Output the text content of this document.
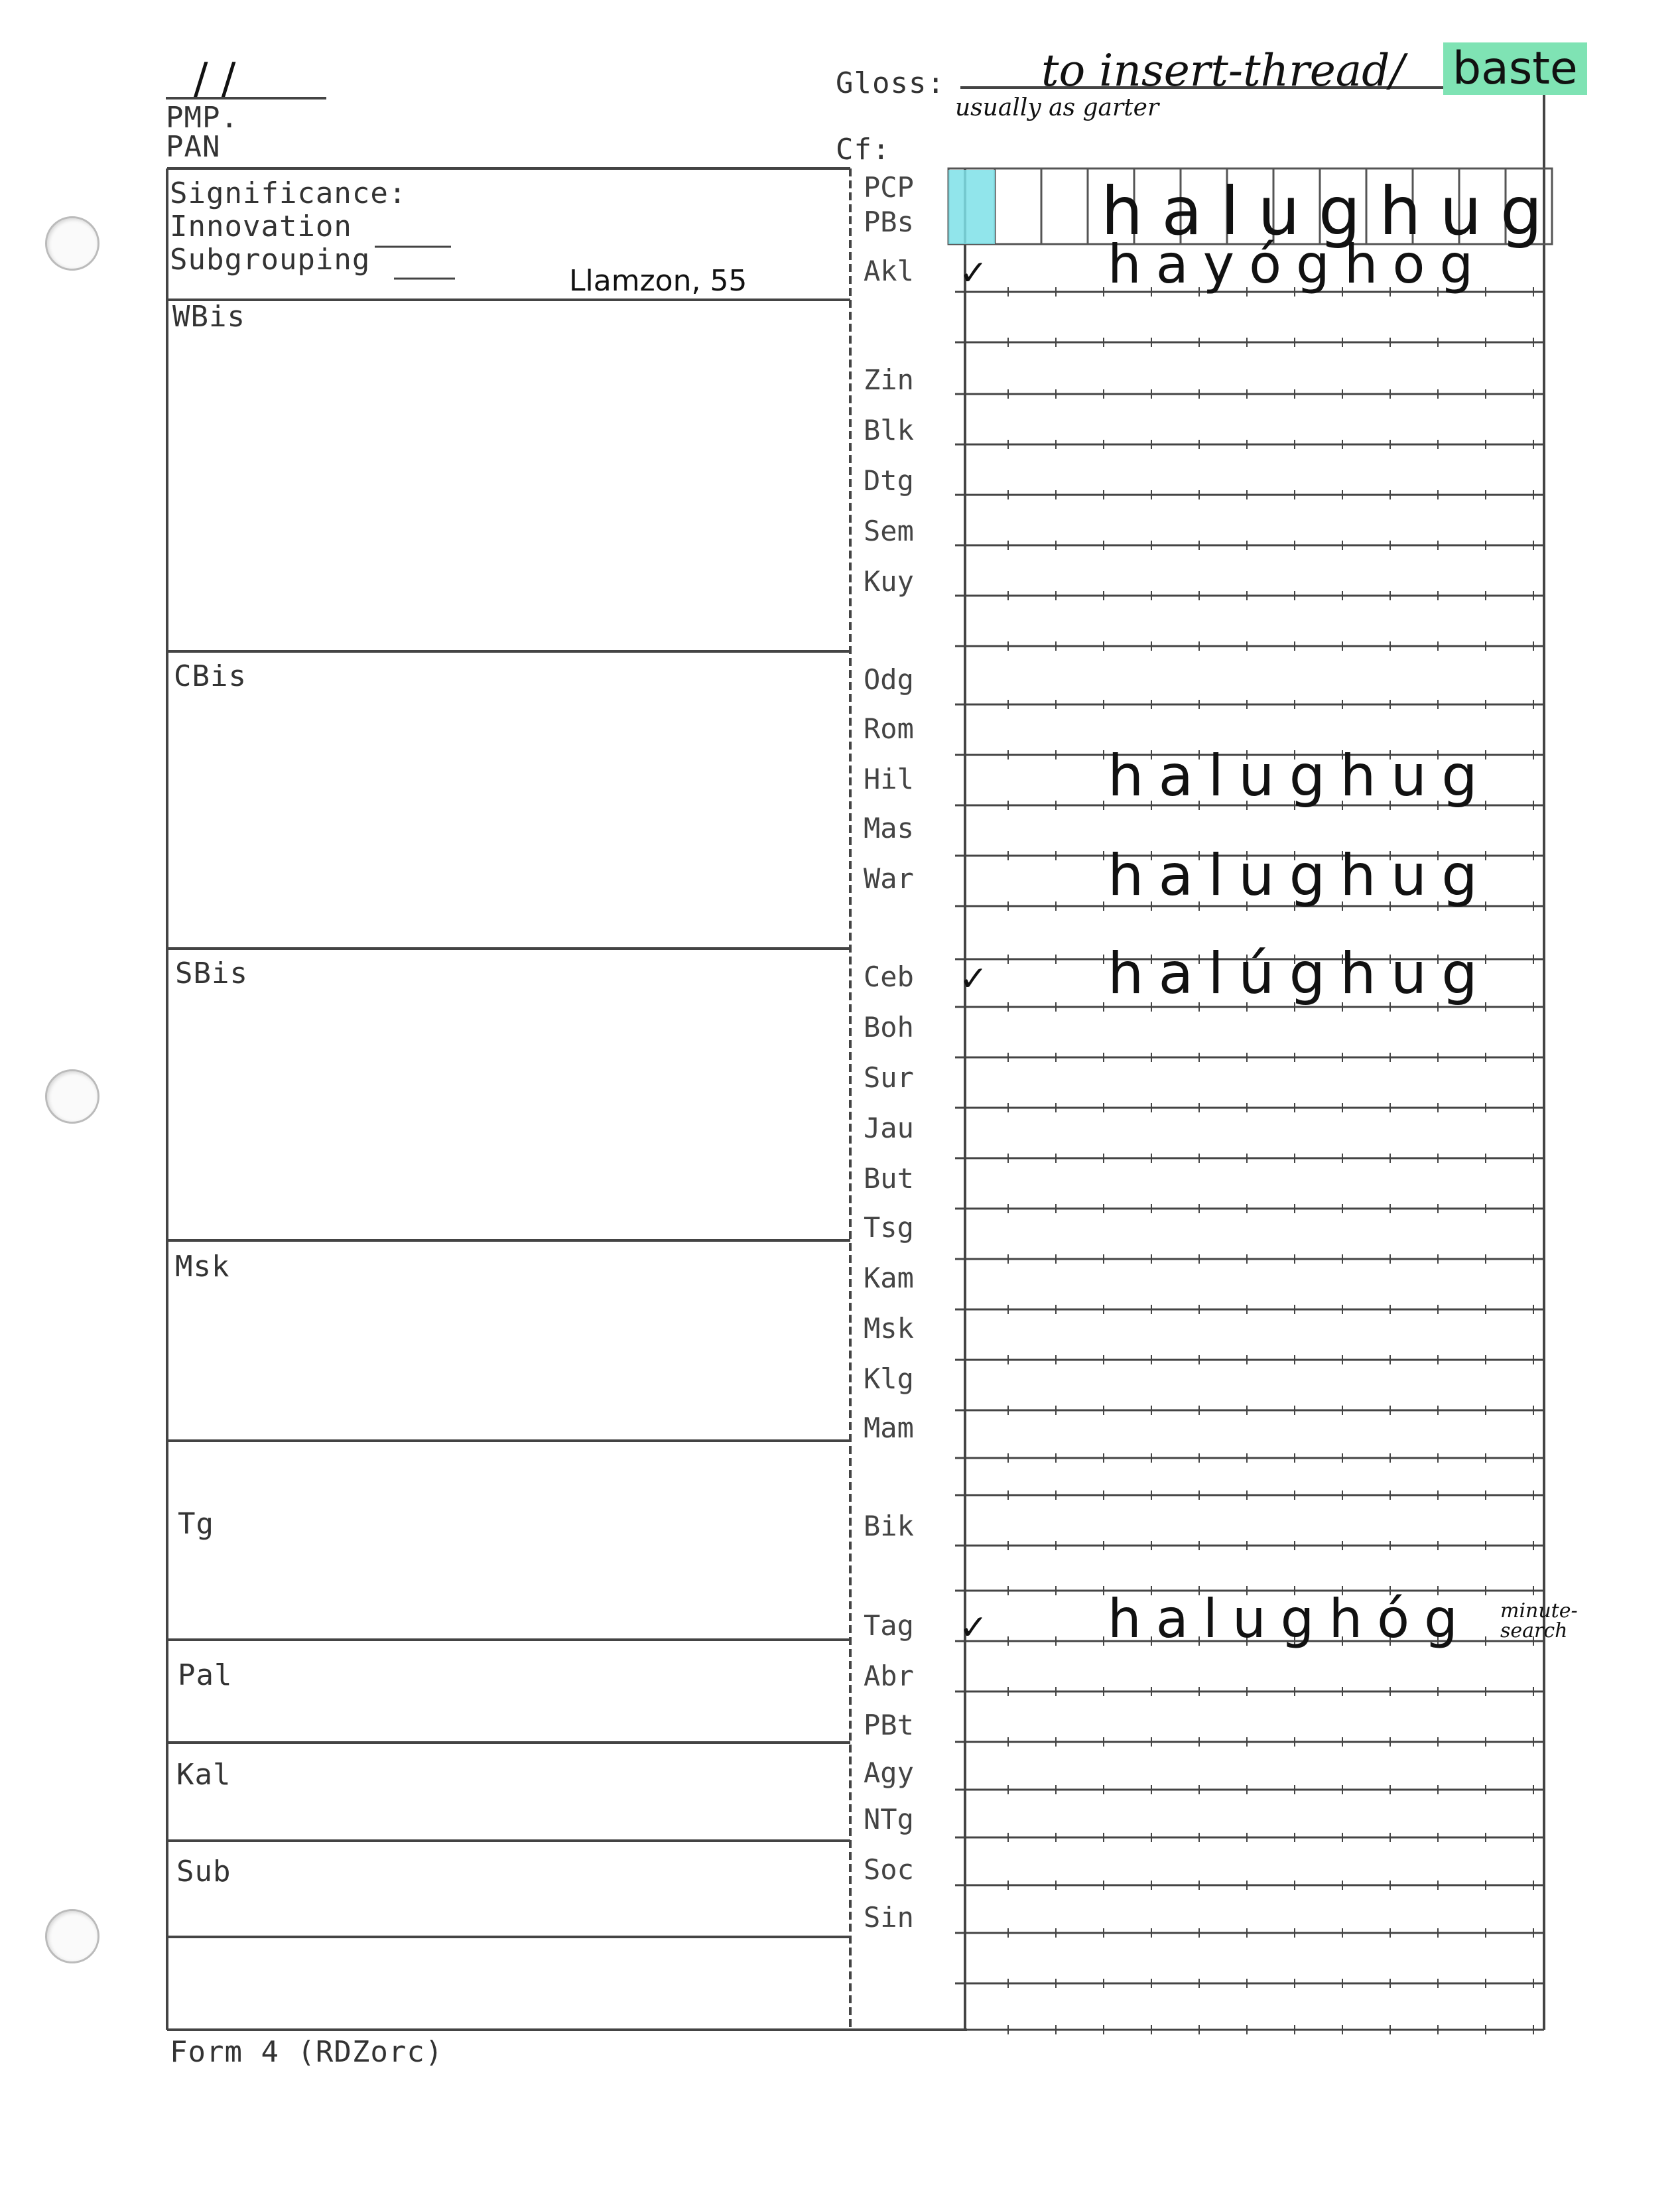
/ /
PMP.
PAN
Gloss: to insert-thread/ baste
usually as garter
Cf:
Significance:
Innovation
Subgrouping
Llamzon, 55
WBis
CBis
SBis
Msk
Tg
Pal
Kal
Sub
PCP
PBs	halughug
Akl ✓ hayóghog
Zin
Blk
Dtg
Sem
Kuy
Odg
Rom
Hil	halughug
Mas
War	halughug
Ceb ✓ halúghug
Boh
Sur
Jau
But
Tsg
Kam
Msk
Klg
Mam
Bik
Tag ✓ halughóg minute-search
Abr
PBt
Agy
NTg
Soc
Sin
Form 4 (RDZorc)
